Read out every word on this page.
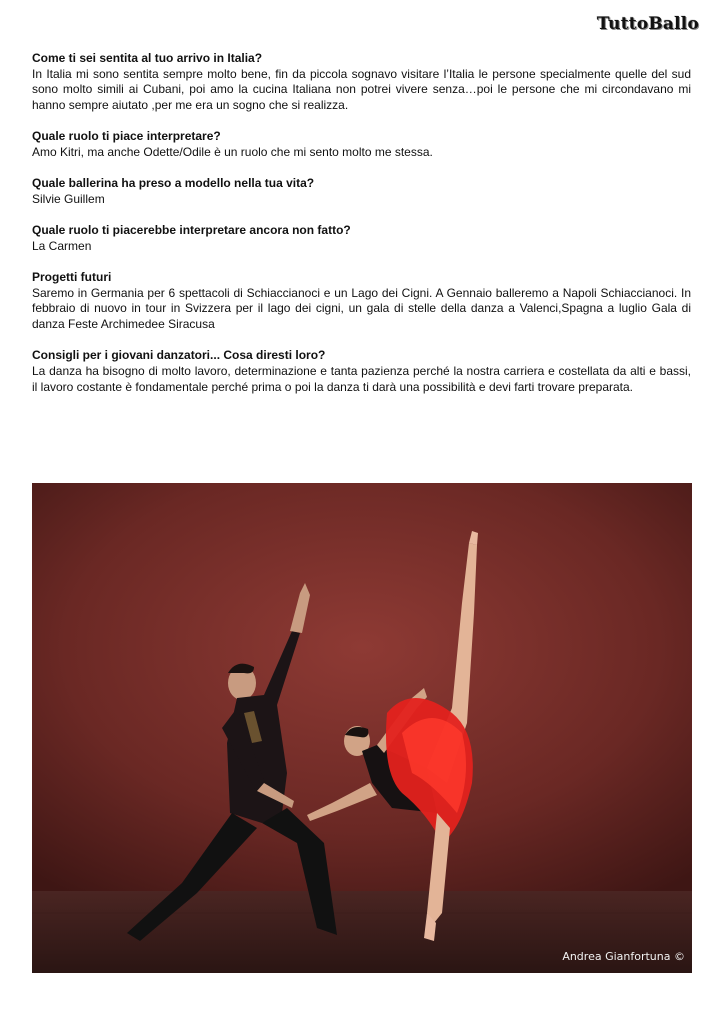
TuttoBallo
Come ti sei sentita al tuo arrivo in Italia?
In Italia mi sono sentita sempre molto bene, fin da piccola sognavo visitare l’Italia le persone specialmente quelle del sud sono molto simili ai Cubani, poi amo la cucina Italiana non potrei vivere senza…poi le persone che mi circondavano mi hanno sempre aiutato ,per me era un sogno che si realizza.
Quale ruolo ti piace interpretare?
Amo Kitri, ma anche Odette/Odile è un ruolo che mi sento molto me stessa.
Quale ballerina ha preso a modello nella tua vita?
Silvie Guillem
Quale ruolo ti piacerebbe interpretare ancora non fatto?
La Carmen
Progetti futuri
Saremo in Germania per 6 spettacoli di Schiaccianoci e un Lago dei Cigni. A Gennaio balleremo a Napoli Schiaccianoci. In febbraio di nuovo in tour in Svizzera per il lago dei cigni, un gala di stelle della danza a Valenci,Spagna a luglio Gala di danza Feste Archimedee Siracusa
Consigli per i giovani danzatori... Cosa diresti loro?
La danza ha bisogno di molto lavoro, determinazione e tanta pazienza perché la nostra carriera e costellata da alti e bassi, il lavoro costante è fondamentale perché prima o poi la danza ti darà una possibilità e devi farti trovare preparata.
Andrea Gianfortuna ©
